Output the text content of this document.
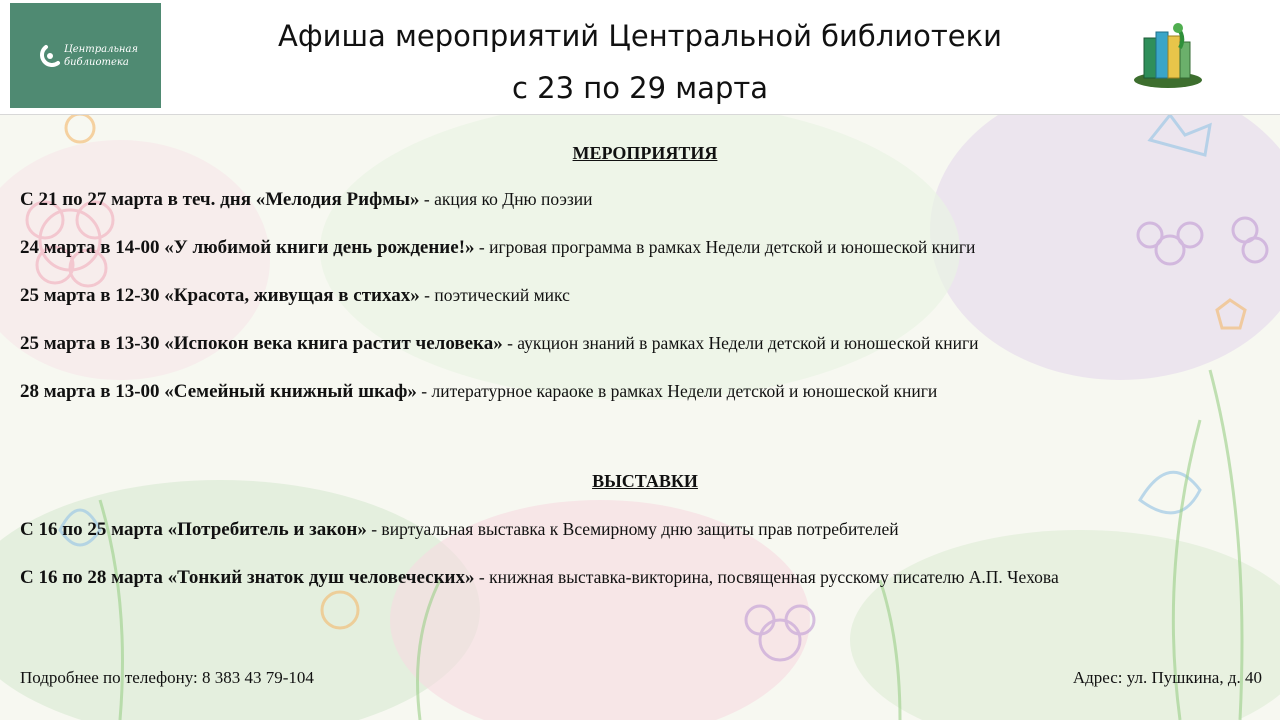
Центральная
библиотека
Афиша мероприятий Центральной библиотеки
с 23 по 29 марта
МЕРОПРИЯТИЯ
С 21 по 27 марта в теч. дня «Мелодия Рифмы» - акция ко Дню поэзии
24 марта в 14-00 «У любимой книги день рождение!» - игровая программа в рамках Недели детской и юношеской книги
25 марта в 12-30 «Красота, живущая в стихах» - поэтический микс
25 марта в 13-30 «Испокон века книга растит человека» - аукцион знаний в рамках Недели детской и юношеской книги
28 марта в 13-00 «Семейный книжный шкаф» - литературное караоке в рамках Недели детской и юношеской книги
ВЫСТАВКИ
С 16 по 25 марта «Потребитель и закон» - виртуальная выставка к Всемирному дню защиты прав потребителей
С 16 по 28 марта «Тонкий знаток душ человеческих» - книжная выставка-викторина, посвященная русскому писателю А.П. Чехова
Подробнее по телефону: 8 383 43 79-104	Адрес: ул. Пушкина, д. 40
